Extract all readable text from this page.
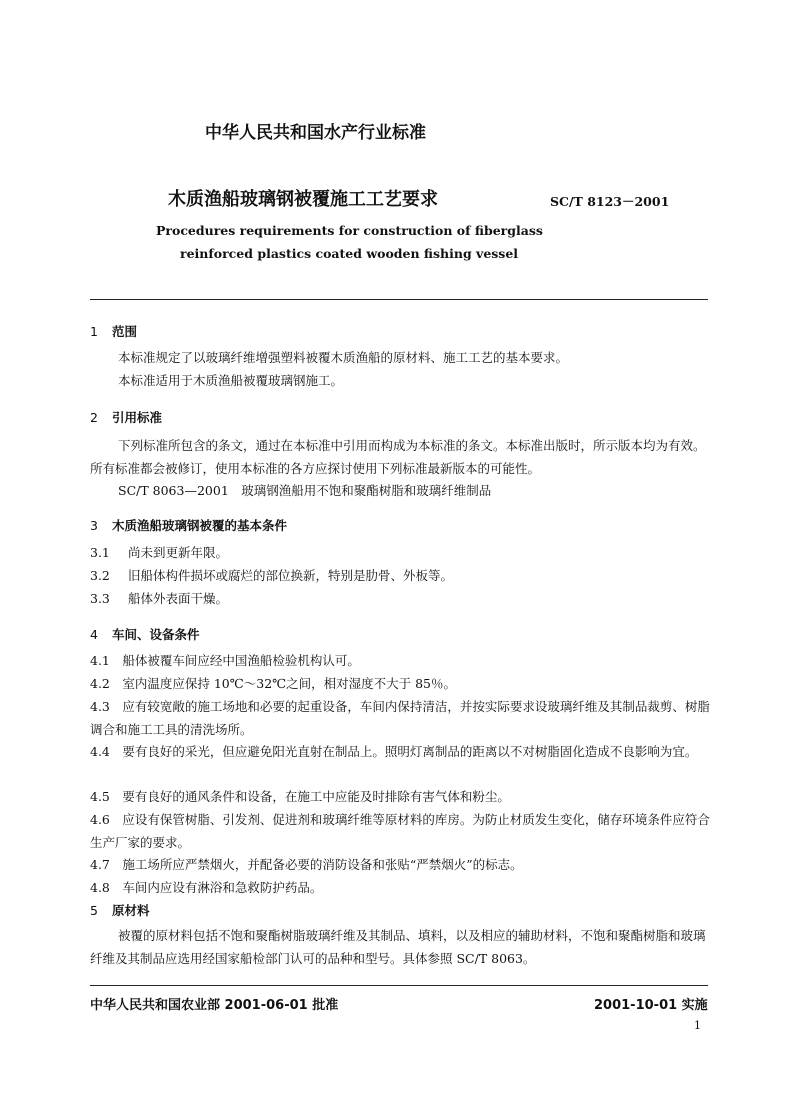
中华人民共和国水产行业标准
木质渔船玻璃钢被覆施工工艺要求	SC/T 8123－2001
Procedures requirements for construction of fiberglass
reinforced plastics coated wooden fishing vessel
1 范围
本标准规定了以玻璃纤维增强塑料被覆木质渔船的原材料、施工工艺的基本要求。
本标准适用于木质渔船被覆玻璃钢施工。
2 引用标准
下列标准所包含的条文，通过在本标准中引用而构成为本标准的条文。本标准出版时，所示版本均为有效。所有标准都会被修订，使用本标准的各方应探讨使用下列标准最新版本的可能性。
SC/T 8063—2001　玻璃钢渔船用不饱和聚酯树脂和玻璃纤维制品
3 木质渔船玻璃钢被覆的基本条件
3.1 尚未到更新年限。
3.2 旧船体构件损坏或腐烂的部位换新，特别是肋骨、外板等。
3.3 船体外表面干燥。
4 车间、设备条件
4.1　船体被覆车间应经中国渔船检验机构认可。
4.2　室内温度应保持 10℃～32℃之间，相对湿度不大于 85％。
4.3　应有较宽敞的施工场地和必要的起重设备，车间内保持清洁，并按实际要求设玻璃纤维及其制品裁剪、树脂调合和施工工具的清洗场所。
4.4　要有良好的采光，但应避免阳光直射在制品上。照明灯离制品的距离以不对树脂固化造成不良影响为宜。
4.5　要有良好的通风条件和设备，在施工中应能及时排除有害气体和粉尘。
4.6　应设有保管树脂、引发剂、促进剂和玻璃纤维等原材料的库房。为防止材质发生变化，储存环境条件应符合生产厂家的要求。
4.7　施工场所应严禁烟火，并配备必要的消防设备和张贴“严禁烟火”的标志。
4.8　车间内应设有淋浴和急救防护药品。
5 原材料
被覆的原材料包括不饱和聚酯树脂玻璃纤维及其制品、填料，以及相应的辅助材料，不饱和聚酯树脂和玻璃纤维及其制品应选用经国家船检部门认可的品种和型号。具体参照 SC/T 8063。
中华人民共和国农业部 2001-06-01 批准	2001-10-01 实施
1
